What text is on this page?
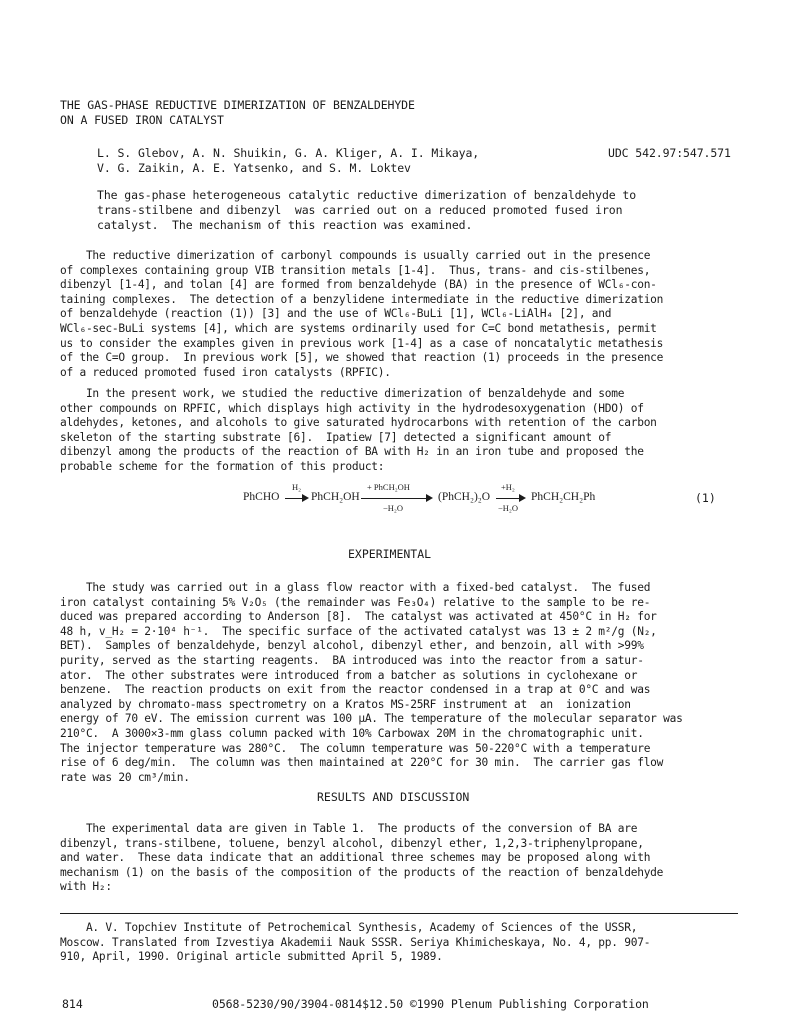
THE GAS-PHASE REDUCTIVE DIMERIZATION OF BENZALDEHYDE
ON A FUSED IRON CATALYST
L. S. Glebov, A. N. Shuikin, G. A. Kliger, A. I. Mikaya,
V. G. Zaikin, A. E. Yatsenko, and S. M. Loktev
UDC 542.97:547.571
The gas-phase heterogeneous catalytic reductive dimerization of benzaldehyde to
trans-stilbene and dibenzyl  was carried out on a reduced promoted fused iron
catalyst.  The mechanism of this reaction was examined.
The reductive dimerization of carbonyl compounds is usually carried out in the presence
of complexes containing group VIB transition metals [1-4].  Thus, trans- and cis-stilbenes,
dibenzyl [1-4], and tolan [4] are formed from benzaldehyde (BA) in the presence of WCl₆-con-
taining complexes.  The detection of a benzylidene intermediate in the reductive dimerization
of benzaldehyde (reaction (1)) [3] and the use of WCl₆-BuLi [1], WCl₆-LiAlH₄ [2], and
WCl₆-sec-BuLi systems [4], which are systems ordinarily used for C=C bond metathesis, permit
us to consider the examples given in previous work [1-4] as a case of noncatalytic metathesis
of the C=O group.  In previous work [5], we showed that reaction (1) proceeds in the presence
of a reduced promoted fused iron catalysts (RPFIC).
In the present work, we studied the reductive dimerization of benzaldehyde and some
other compounds on RPFIC, which displays high activity in the hydrodesoxygenation (HDO) of
aldehydes, ketones, and alcohols to give saturated hydrocarbons with retention of the carbon
skeleton of the starting substrate [6].  Ipatiew [7] detected a significant amount of
dibenzyl among the products of the reaction of BA with H₂ in an iron tube and proposed the
probable scheme for the formation of this product:
PhCHO
H₂
PhCH₂OH
+ PhCH₂OH
−H₂O
(PhCH₂)₂O
+H₂
−H₂O
PhCH₂CH₂Ph	(1)
EXPERIMENTAL
The study was carried out in a glass flow reactor with a fixed-bed catalyst.  The fused
iron catalyst containing 5% V₂O₅ (the remainder was Fe₃O₄) relative to the sample to be re-
duced was prepared according to Anderson [8].  The catalyst was activated at 450°C in H₂ for
48 h, v_H₂ = 2·10⁴ h⁻¹.  The specific surface of the activated catalyst was 13 ± 2 m²/g (N₂,
BET).  Samples of benzaldehyde, benzyl alcohol, dibenzyl ether, and benzoin, all with >99%
purity, served as the starting reagents.  BA introduced was into the reactor from a satur-
ator.  The other substrates were introduced from a batcher as solutions in cyclohexane or
benzene.  The reaction products on exit from the reactor condensed in a trap at 0°C and was
analyzed by chromato-mass spectrometry on a Kratos MS-25RF instrument at  an  ionization
energy of 70 eV. The emission current was 100 μA. The temperature of the molecular separator was
210°C.  A 3000×3-mm glass column packed with 10% Carbowax 20M in the chromatographic unit.
The injector temperature was 280°C.  The column temperature was 50-220°C with a temperature
rise of 6 deg/min.  The column was then maintained at 220°C for 30 min.  The carrier gas flow
rate was 20 cm³/min.
RESULTS AND DISCUSSION
The experimental data are given in Table 1.  The products of the conversion of BA are
dibenzyl, trans-stilbene, toluene, benzyl alcohol, dibenzyl ether, 1,2,3-triphenylpropane,
and water.  These data indicate that an additional three schemes may be proposed along with
mechanism (1) on the basis of the composition of the products of the reaction of benzaldehyde
with H₂:
A. V. Topchiev Institute of Petrochemical Synthesis, Academy of Sciences of the USSR,
Moscow. Translated from Izvestiya Akademii Nauk SSSR. Seriya Khimicheskaya, No. 4, pp. 907-
910, April, 1990. Original article submitted April 5, 1989.
814	0568-5230/90/3904-0814$12.50 ©1990 Plenum Publishing Corporation
